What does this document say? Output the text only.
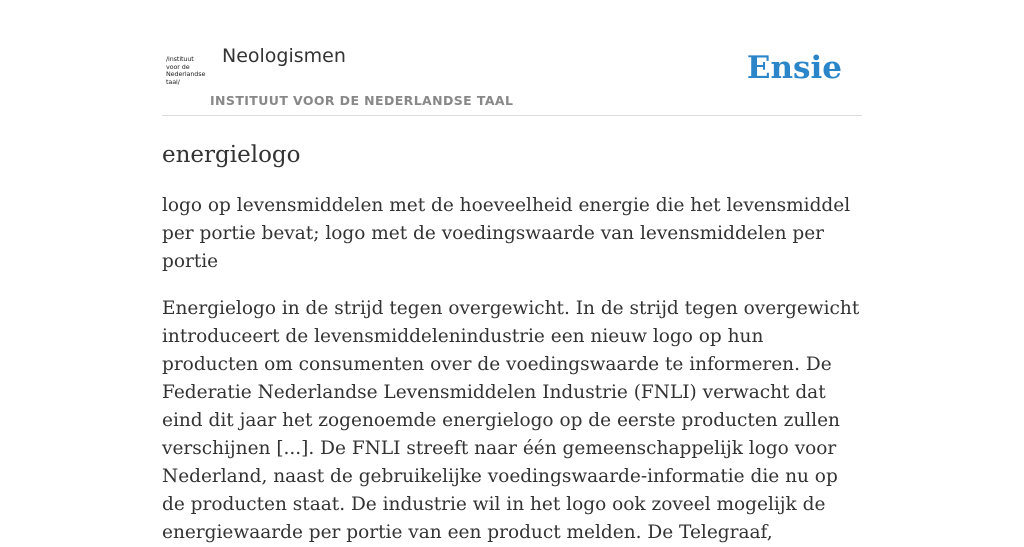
/instituut
voor de
Nederlandse
taal/
Neologismen
INSTITUUT VOOR DE NEDERLANDSE TAAL
Ensie
energielogo

logo op levensmiddelen met de hoeveelheid energie die het levensmiddel per portie bevat; logo met de voedingswaarde van levensmiddelen per portie

Energielogo in de strijd tegen overgewicht. In de strijd tegen overgewicht introduceert de levensmiddelenindustrie een nieuw logo op hun producten om consumenten over de voedingswaarde te informeren. De Federatie Nederlandse Levensmiddelen Industrie (FNLI) verwacht dat eind dit jaar het zogenoemde energielogo op de eerste producten zullen verschijnen [...]. De FNLI streeft naar één gemeenschappelijk logo voor Nederland, naast de gebruikelijke voedingswaarde-informatie die nu op de producten staat. De industrie wil in het logo ook zoveel mogelijk de energiewaarde per portie van een product melden. De Telegraaf,
